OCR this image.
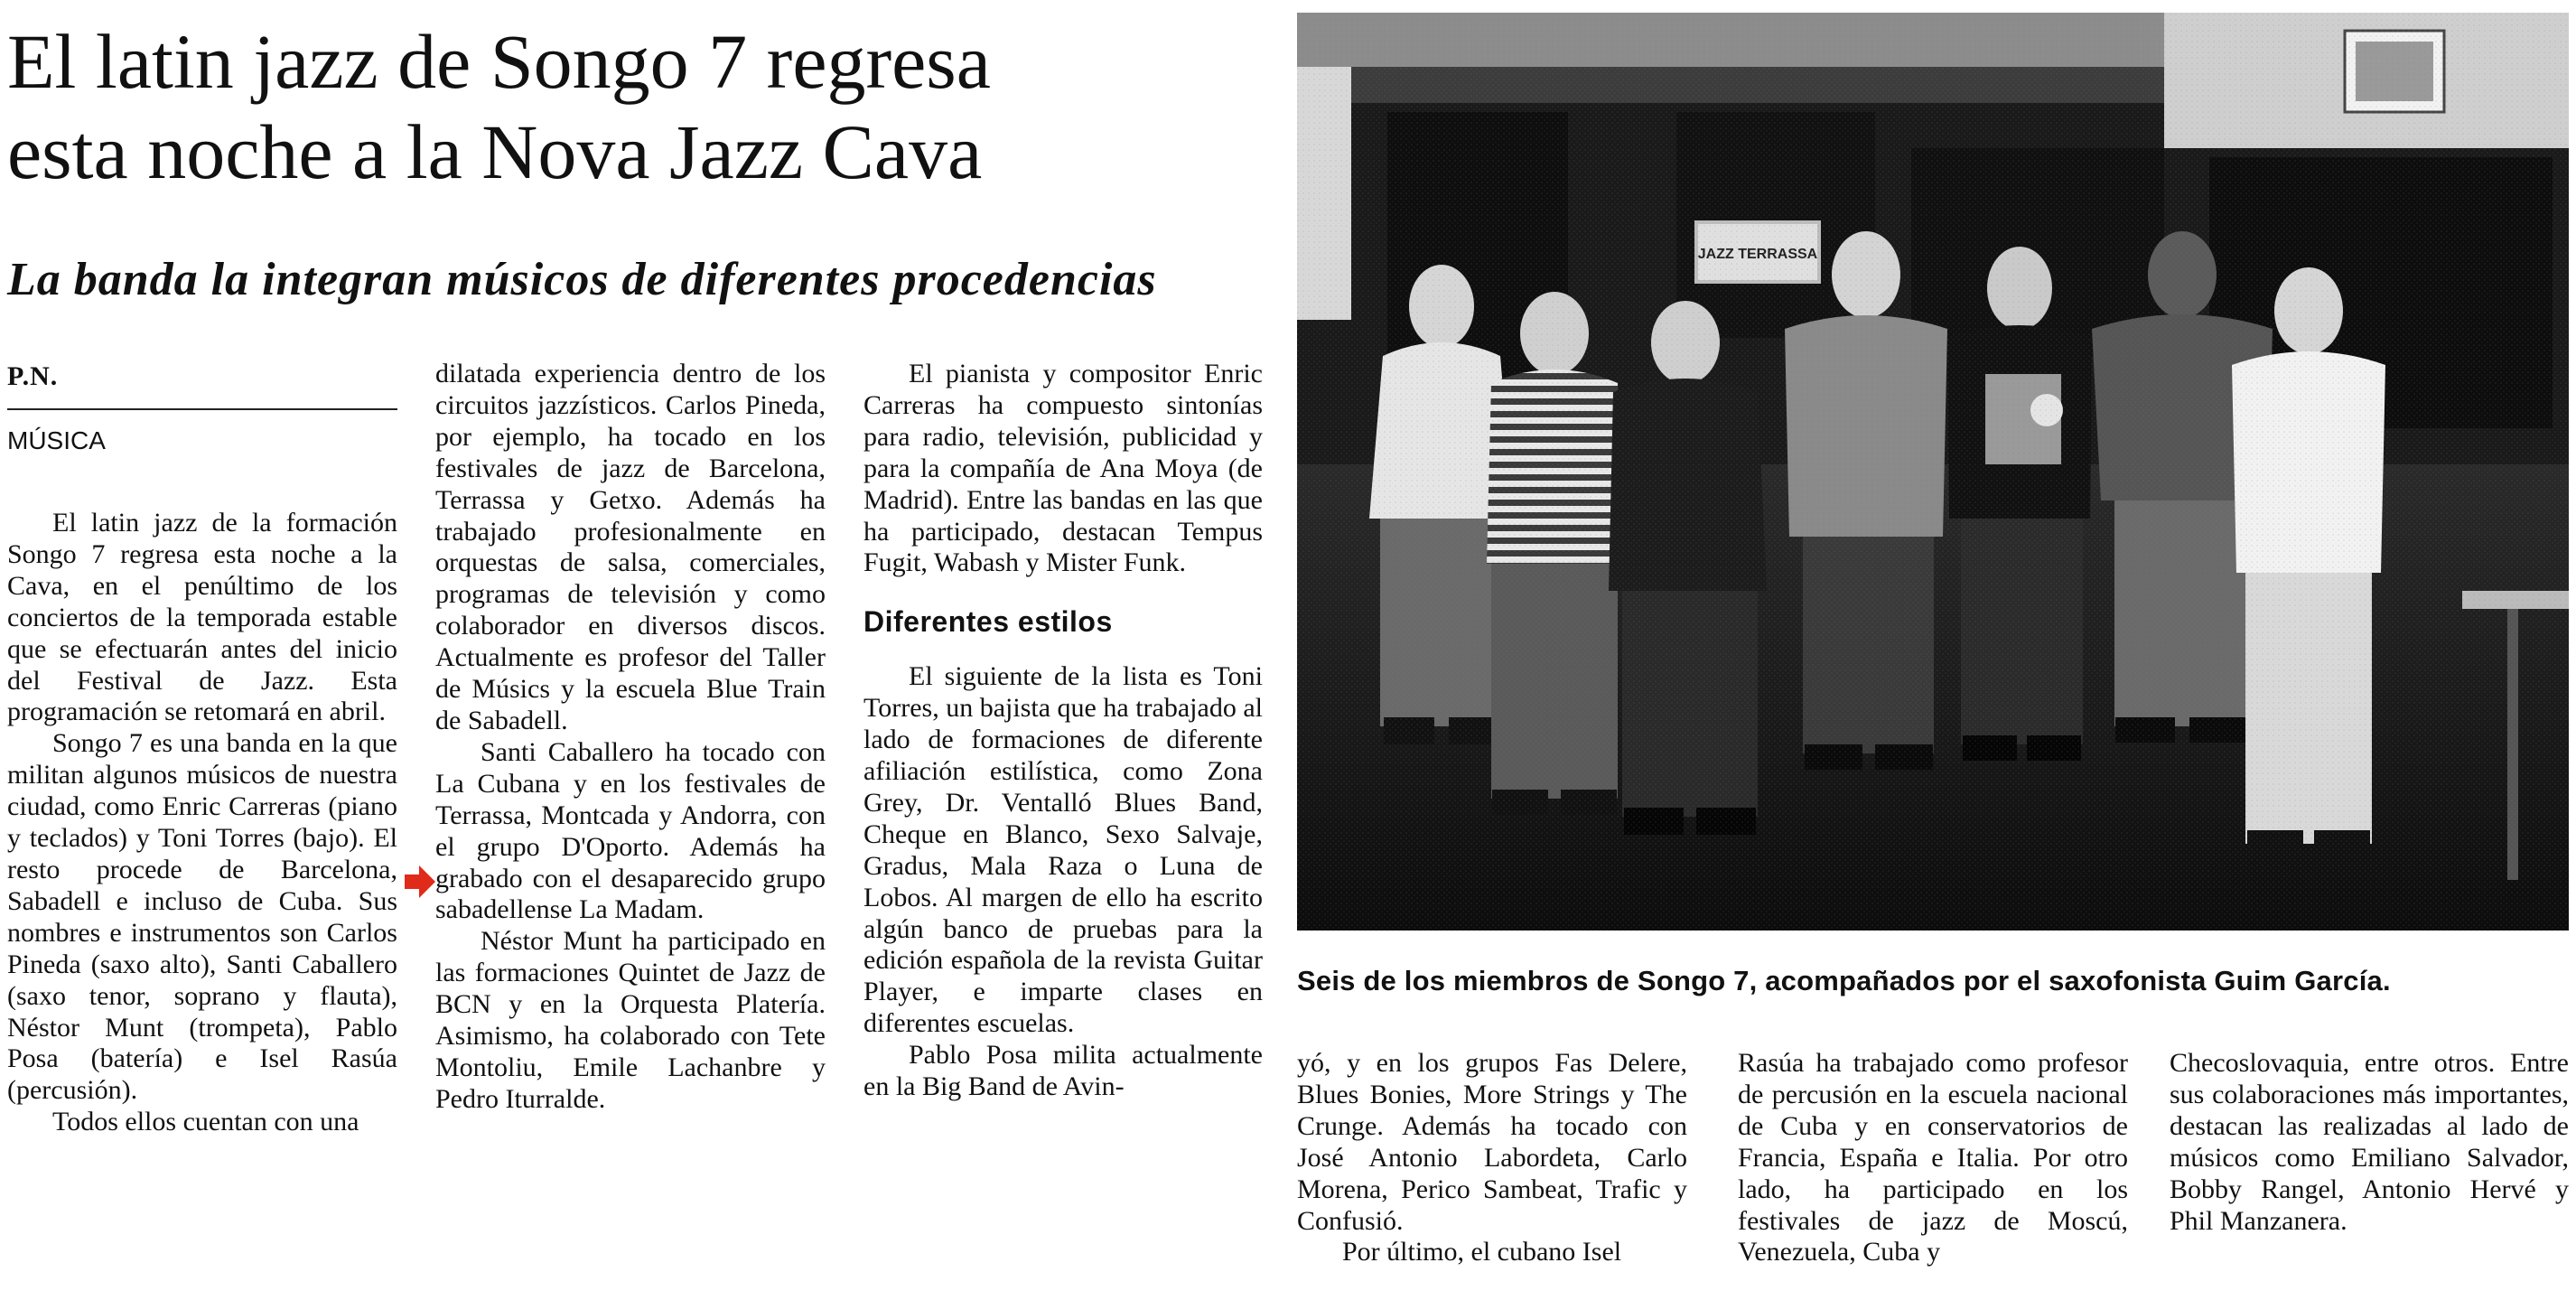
El latin jazz de Songo 7 regresa
esta noche a la Nova Jazz Cava
La banda la integran músicos de diferentes procedencias
P.N.
MÚSICA

El latin jazz de la formación Songo 7 regresa esta noche a la Cava, en el penúltimo de los conciertos de la temporada estable que se efectuarán antes del inicio del Festival de Jazz. Esta programación se retomará en abril.

Songo 7 es una banda en la que militan algunos músicos de nuestra ciudad, como Enric Carreras (piano y teclados) y Toni Torres (bajo). El resto procede de Barcelona, Sabadell e incluso de Cuba. Sus nombres e instrumentos son Carlos Pineda (saxo alto), Santi Caballero (saxo tenor, soprano y flauta), Néstor Munt (trompeta), Pablo Posa (batería) e Isel Rasúa (percusión).

Todos ellos cuentan con una

dilatada experiencia dentro de los circuitos jazzísticos. Carlos Pineda, por ejemplo, ha tocado en los festivales de jazz de Barcelona, Terrassa y Getxo. Además ha trabajado profesionalmente en orquestas de salsa, comerciales, programas de televisión y como colaborador en diversos discos. Actualmente es profesor del Taller de Músics y la escuela Blue Train de Sabadell.

Santi Caballero ha tocado con La Cubana y en los festivales de Terrassa, Montcada y Andorra, con el grupo D'Oporto. Además ha grabado con el desaparecido grupo sabadellense La Madam.

Néstor Munt ha participado en las formaciones Quintet de Jazz de BCN y en la Orquesta Platería. Asimismo, ha colaborado con Tete Montoliu, Emile Lachanbre y Pedro Iturralde.

El pianista y compositor Enric Carreras ha compuesto sintonías para radio, televisión, publicidad y para la compañía de Ana Moya (de Madrid). Entre las bandas en las que ha participado, destacan Tempus Fugit, Wabash y Mister Funk.

Diferentes estilos

El siguiente de la lista es Toni Torres, un bajista que ha trabajado al lado de formaciones de diferente afiliación estilística, como Zona Grey, Dr. Ventalló Blues Band, Cheque en Blanco, Sexo Salvaje, Gradus, Mala Raza o Luna de Lobos. Al margen de ello ha escrito algún banco de pruebas para la edición española de la revista Guitar Player, e imparte clases en diferentes escuelas.

Pablo Posa milita actualmente en la Big Band de Avin-

Seis de los miembros de Songo 7, acompañados por el saxofonista Guim García.

yó, y en los grupos Fas Delere, Blues Bonies, More Strings y The Crunge. Además ha tocado con José Antonio Labordeta, Carlo Morena, Perico Sambeat, Trafic y Confusió.

Por último, el cubano Isel

Rasúa ha trabajado como profesor de percusión en la escuela nacional de Cuba y en conservatorios de Francia, España e Italia. Por otro lado, ha participado en los festivales de jazz de Moscú, Venezuela, Cuba y

Checoslovaquia, entre otros. Entre sus colaboraciones más importantes, destacan las realizadas al lado de músicos como Emiliano Salvador, Bobby Rangel, Antonio Hervé y Phil Manzanera.
